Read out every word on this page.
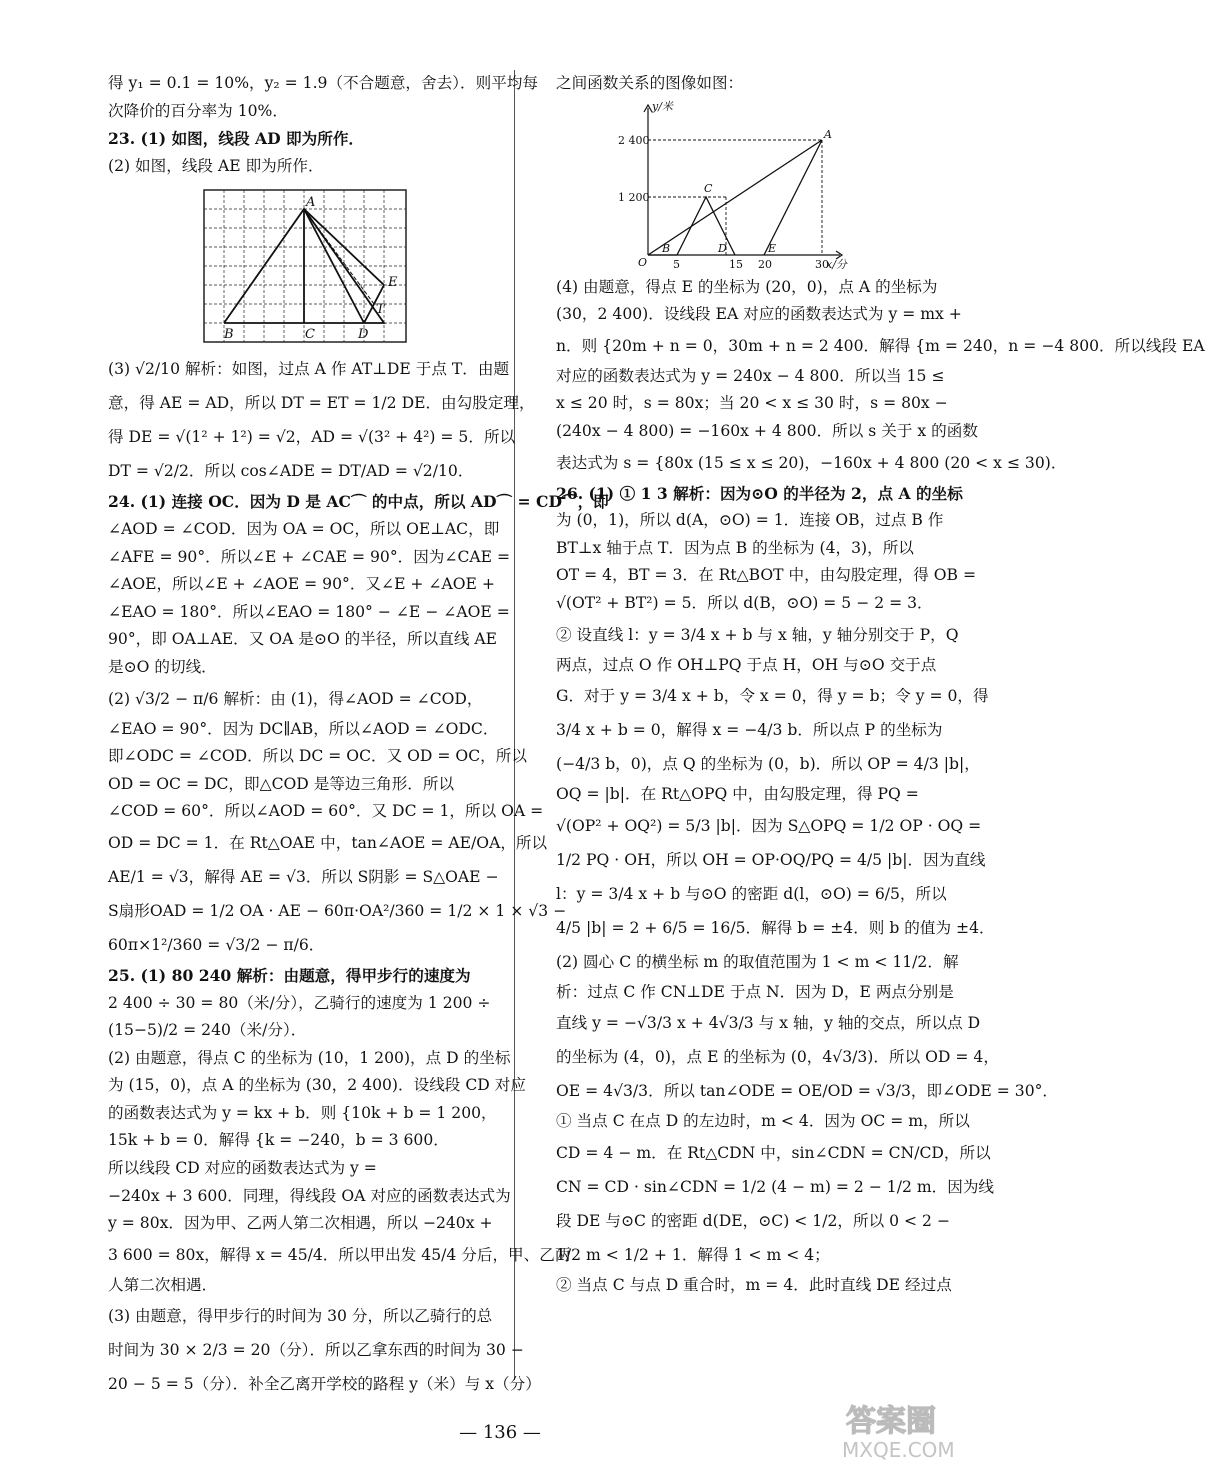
得 y₁ = 0.1 = 10%，y₂ = 1.9（不合题意，舍去）．则平均每
次降价的百分率为 10%．
23. (1) 如图，线段 AD 即为所作．
(2) 如图，线段 AE 即为所作．
A
B	C	D
E
T
(3) √2/10 解析：如图，过点 A 作 AT⊥DE 于点 T．由题
意，得 AE = AD，所以 DT = ET = 1/2 DE．由勾股定理，
得 DE = √(1² + 1²) = √2，AD = √(3² + 4²) = 5．所以
DT = √2/2．所以 cos∠ADE = DT/AD = √2/10．
24. (1) 连接 OC．因为 D 是 AC⌒ 的中点，所以 AD⌒ = CD⌒，即
∠AOD = ∠COD．因为 OA = OC，所以 OE⊥AC，即
∠AFE = 90°．所以∠E + ∠CAE = 90°．因为∠CAE =
∠AOE，所以∠E + ∠AOE = 90°．又∠E + ∠AOE +
∠EAO = 180°．所以∠EAO = 180° − ∠E − ∠AOE =
90°，即 OA⊥AE．又 OA 是⊙O 的半径，所以直线 AE
是⊙O 的切线．
(2) √3/2 − π/6 解析：由 (1)，得∠AOD = ∠COD，
∠EAO = 90°．因为 DC∥AB，所以∠AOD = ∠ODC．
即∠ODC = ∠COD．所以 DC = OC．又 OD = OC，所以
OD = OC = DC，即△COD 是等边三角形．所以
∠COD = 60°．所以∠AOD = 60°．又 DC = 1，所以 OA =
OD = DC = 1．在 Rt△OAE 中，tan∠AOE = AE/OA，所以
AE/1 = √3，解得 AE = √3．所以 S阴影 = S△OAE −
S扇形OAD = 1/2 OA · AE − 60π·OA²/360 = 1/2 × 1 × √3 −
60π×1²/360 = √3/2 − π/6．
25. (1) 80 240 解析：由题意，得甲步行的速度为
2 400 ÷ 30 = 80（米/分），乙骑行的速度为 1 200 ÷
(15−5)/2 = 240（米/分）．
(2) 由题意，得点 C 的坐标为 (10，1 200)，点 D 的坐标
为 (15，0)，点 A 的坐标为 (30，2 400)．设线段 CD 对应
的函数表达式为 y = kx + b．则 {10k + b = 1 200，
15k + b = 0．解得 {k = −240，b = 3 600．
所以线段 CD 对应的函数表达式为 y =
−240x + 3 600．同理，得线段 OA 对应的函数表达式为
y = 80x．因为甲、乙两人第二次相遇，所以 −240x +
3 600 = 80x，解得 x = 45/4．所以甲出发 45/4 分后，甲、乙两
人第二次相遇．
(3) 由题意，得甲步行的时间为 30 分，所以乙骑行的总
时间为 30 × 2/3 = 20（分）．所以乙拿东西的时间为 30 −
20 − 5 = 5（分）．补全乙离开学校的路程 y（米）与 x（分）
之间函数关系的图像如图：
y/米
x/分
2 400
1 200
5	15 20	30
O
A
C
B	D	E
(4) 由题意，得点 E 的坐标为 (20，0)，点 A 的坐标为
(30，2 400)．设线段 EA 对应的函数表达式为 y = mx +
n．则 {20m + n = 0，30m + n = 2 400．解得 {m = 240，n = −4 800．所以线段 EA
对应的函数表达式为 y = 240x − 4 800．所以当 15 ≤
x ≤ 20 时，s = 80x；当 20 < x ≤ 30 时，s = 80x −
(240x − 4 800) = −160x + 4 800．所以 s 关于 x 的函数
表达式为 s = {80x (15 ≤ x ≤ 20)，−160x + 4 800 (20 < x ≤ 30)．
26. (1) ① 1 3 解析：因为⊙O 的半径为 2，点 A 的坐标
为 (0，1)，所以 d(A，⊙O) = 1．连接 OB，过点 B 作
BT⊥x 轴于点 T．因为点 B 的坐标为 (4，3)，所以
OT = 4，BT = 3．在 Rt△BOT 中，由勾股定理，得 OB =
√(OT² + BT²) = 5．所以 d(B，⊙O) = 5 − 2 = 3．
② 设直线 l：y = 3/4 x + b 与 x 轴，y 轴分别交于 P，Q
两点，过点 O 作 OH⊥PQ 于点 H，OH 与⊙O 交于点
G．对于 y = 3/4 x + b，令 x = 0，得 y = b；令 y = 0，得
3/4 x + b = 0，解得 x = −4/3 b．所以点 P 的坐标为
(−4/3 b，0)，点 Q 的坐标为 (0，b)．所以 OP = 4/3 |b|，
OQ = |b|．在 Rt△OPQ 中，由勾股定理，得 PQ =
√(OP² + OQ²) = 5/3 |b|．因为 S△OPQ = 1/2 OP · OQ =
1/2 PQ · OH，所以 OH = OP·OQ/PQ = 4/5 |b|．因为直线
l：y = 3/4 x + b 与⊙O 的密距 d(l，⊙O) = 6/5，所以
4/5 |b| = 2 + 6/5 = 16/5．解得 b = ±4．则 b 的值为 ±4．
(2) 圆心 C 的横坐标 m 的取值范围为 1 < m < 11/2．解
析：过点 C 作 CN⊥DE 于点 N．因为 D，E 两点分别是
直线 y = −√3/3 x + 4√3/3 与 x 轴，y 轴的交点，所以点 D
的坐标为 (4，0)，点 E 的坐标为 (0，4√3/3)．所以 OD = 4，
OE = 4√3/3．所以 tan∠ODE = OE/OD = √3/3，即∠ODE = 30°．
① 当点 C 在点 D 的左边时，m < 4．因为 OC = m，所以
CD = 4 − m．在 Rt△CDN 中，sin∠CDN = CN/CD，所以
CN = CD · sin∠CDN = 1/2 (4 − m) = 2 − 1/2 m．因为线
段 DE 与⊙C 的密距 d(DE，⊙C) < 1/2，所以 0 < 2 −
1/2 m < 1/2 + 1．解得 1 < m < 4；
② 当点 C 与点 D 重合时，m = 4．此时直线 DE 经过点
— 136 —	答案圈
MXQE.COM
